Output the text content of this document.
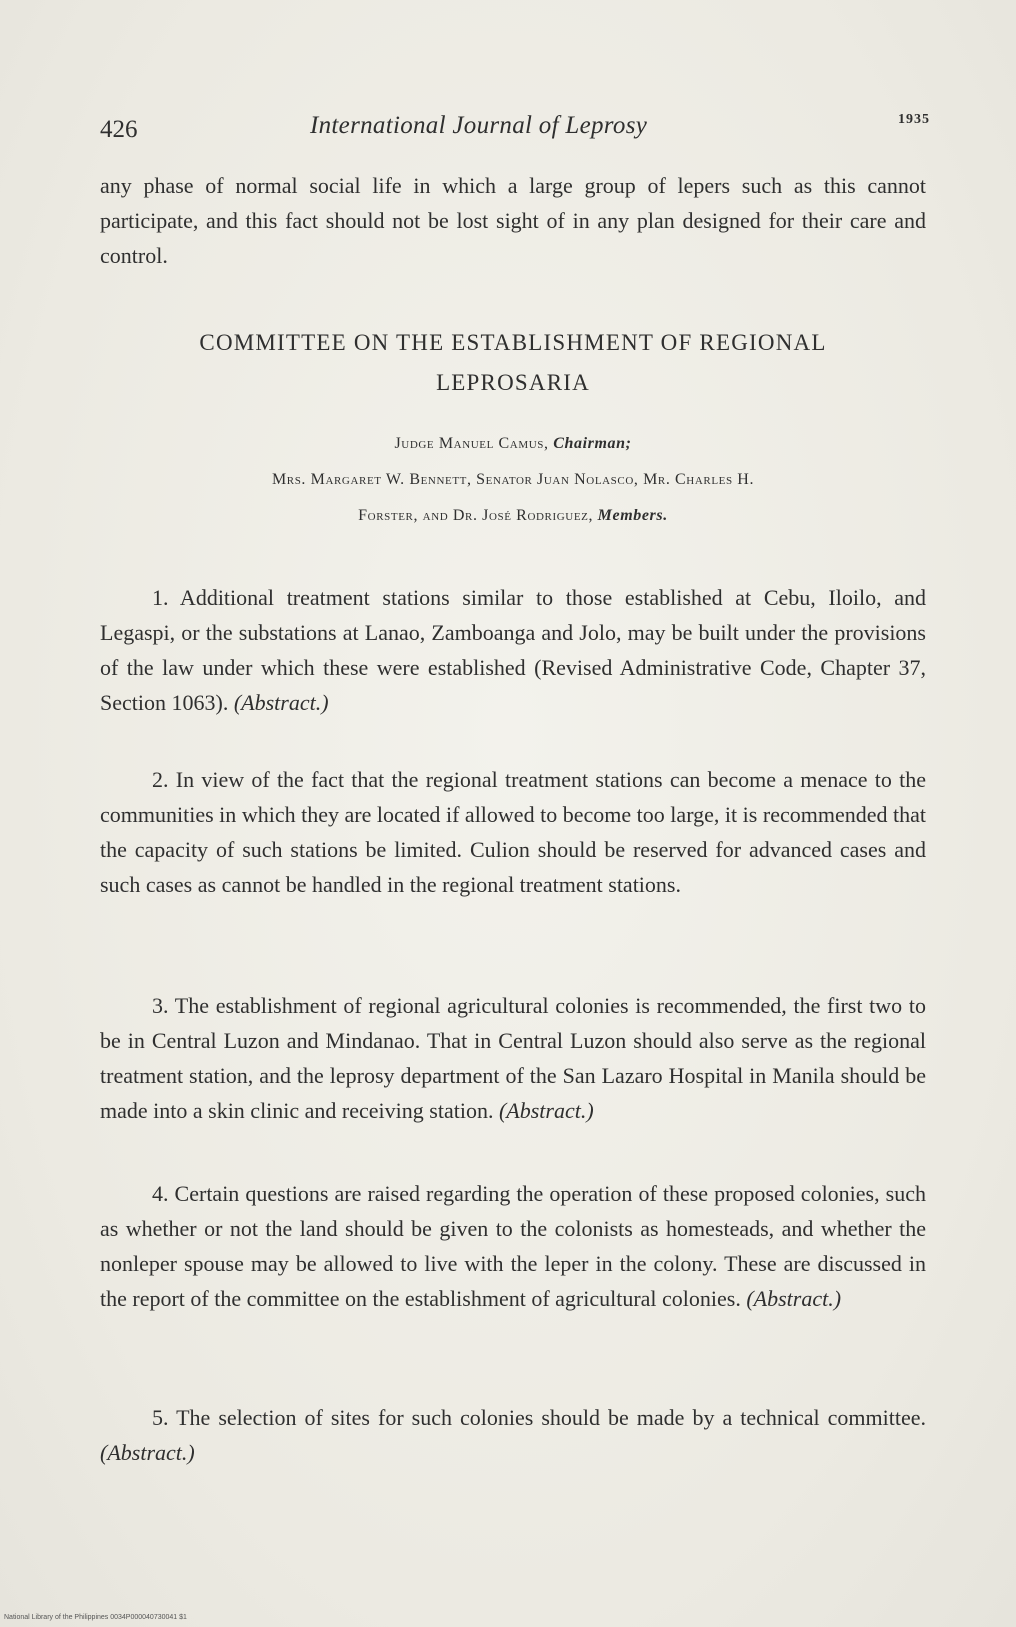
426	International Journal of Leprosy	1935

any phase of normal social life in which a large group of lepers such as this cannot participate, and this fact should not be lost sight of in any plan designed for their care and control.

COMMITTEE ON THE ESTABLISHMENT OF REGIONAL
LEPROSARIA
Judge Manuel Camus, Chairman;
Mrs. Margaret W. Bennett, Senator Juan Nolasco, Mr. Charles H.
Forster, and Dr. José Rodriguez, Members.

1. Additional treatment stations similar to those established at Cebu, Iloilo, and Legaspi, or the substations at Lanao, Zamboanga and Jolo, may be built under the provisions of the law under which these were established (Revised Administrative Code, Chapter 37, Section 1063). (Abstract.)

2. In view of the fact that the regional treatment stations can become a menace to the communities in which they are located if allowed to become too large, it is recommended that the capacity of such stations be limited. Culion should be reserved for advanced cases and such cases as cannot be handled in the regional treatment stations.

3. The establishment of regional agricultural colonies is recommended, the first two to be in Central Luzon and Mindanao. That in Central Luzon should also serve as the regional treatment station, and the leprosy department of the San Lazaro Hospital in Manila should be made into a skin clinic and receiving station. (Abstract.)

4. Certain questions are raised regarding the operation of these proposed colonies, such as whether or not the land should be given to the colonists as homesteads, and whether the nonleper spouse may be allowed to live with the leper in the colony. These are discussed in the report of the committee on the establishment of agricultural colonies. (Abstract.)

5. The selection of sites for such colonies should be made by a technical committee. (Abstract.)

National Library of the Philippines 0034P000040730041 $1
